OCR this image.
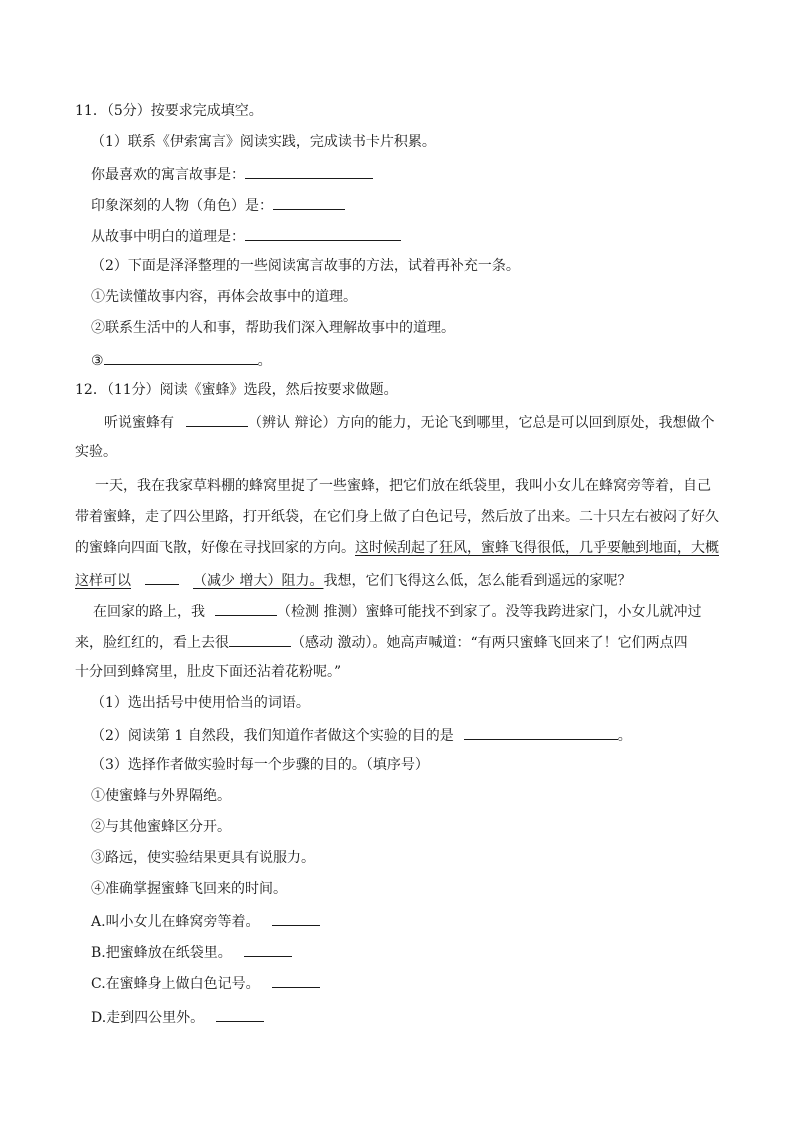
11．（5分）按要求完成填空。
（1）联系《伊索寓言》阅读实践，完成读书卡片积累。
你最喜欢的寓言故事是：
印象深刻的人物（角色）是：
从故事中明白的道理是：
（2）下面是泽泽整理的一些阅读寓言故事的方法，试着再补充一条。
①先读懂故事内容，再体会故事中的道理。
②联系生活中的人和事，帮助我们深入理解故事中的道理。
③	。
12．（11分）阅读《蜜蜂》选段，然后按要求做题。
听说蜜蜂有	（辨认 辩论）方向的能力，无论飞到哪里，它总是可以回到原处，我想做个
实验。
一天，我在我家草料棚的蜂窝里捉了一些蜜蜂，把它们放在纸袋里，我叫小女儿在蜂窝旁等着，自己
带着蜜蜂，走了四公里路，打开纸袋，在它们身上做了白色记号，然后放了出来。二十只左右被闷了好久
的蜜蜂向四面飞散，好像在寻找回家的方向。这时候刮起了狂风，蜜蜂飞得很低，几乎要触到地面，大概
这样可以	（减少 增大）阻力。我想，它们飞得这么低，怎么能看到遥远的家呢？
在回家的路上，我	（检测 推测）蜜蜂可能找不到家了。没等我跨进家门，小女儿就冲过
来，脸红红的，看上去很	（感动 激动）。她高声喊道：“有两只蜜蜂飞回来了！它们两点四
十分回到蜂窝里，肚皮下面还沾着花粉呢。”
（1）选出括号中使用恰当的词语。
（2）阅读第 1 自然段，我们知道作者做这个实验的目的是	。
（3）选择作者做实验时每一个步骤的目的。（填序号）
①使蜜蜂与外界隔绝。
②与其他蜜蜂区分开。
③路远，使实验结果更具有说服力。
④准确掌握蜜蜂飞回来的时间。
A.叫小女儿在蜂窝旁等着。
B.把蜜蜂放在纸袋里。
C.在蜜蜂身上做白色记号。
D.走到四公里外。
